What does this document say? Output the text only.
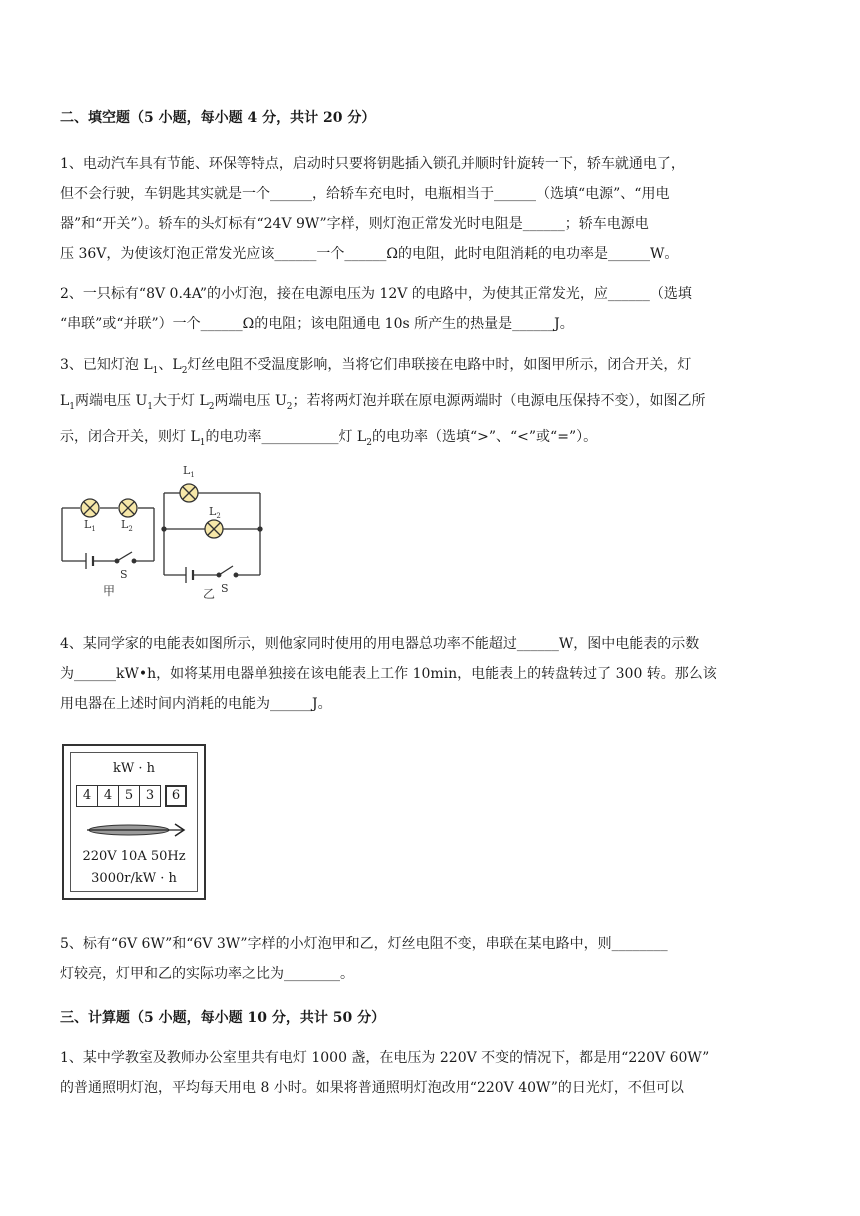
二、填空题（5 小题，每小题 4 分，共计 20 分）
1、电动汽车具有节能、环保等特点，启动时只要将钥匙插入锁孔并顺时针旋转一下，轿车就通电了，
但不会行驶，车钥匙其实就是一个______，给轿车充电时，电瓶相当于______（选填“电源”、“用电
器”和“开关”）。轿车的头灯标有“24V 9W”字样，则灯泡正常发光时电阻是______；轿车电源电
压 36V，为使该灯泡正常发光应该______一个______Ω的电阻，此时电阻消耗的电功率是______W。
2、一只标有“8V 0.4A”的小灯泡，接在电源电压为 12V 的电路中，为使其正常发光，应______（选填
“串联”或“并联”）一个______Ω的电阻；该电阻通电 10s 所产生的热量是______J。
3、已知灯泡 $L_1$、$L_2$灯丝电阻不受温度影响，当将它们串联接在电路中时，如图甲所示，闭合开关，灯
$L_1$两端电压 $U_1$大于灯 $L_2$两端电压 $U_2$；若将两灯泡并联在原电源两端时（电源电压保持不变），如图乙所
示，闭合开关，则灯 $L_1$的电功率___________灯 $L_2$的电功率（选填“>”、“<”或“=”）。
$L_1$ $L_2$
S
甲
$L_1$
$L_2$
S
乙
4、某同学家的电能表如图所示，则他家同时使用的用电器总功率不能超过______W，图中电能表的示数
为______kW•h，如将某用电器单独接在该电能表上工作 10min，电能表上的转盘转过了 300 转。那么该
用电器在上述时间内消耗的电能为______J。
kW · h
4 4 5 3	6
220V 10A 50Hz
3000r/kW · h
5、标有“6V 6W”和“6V 3W”字样的小灯泡甲和乙，灯丝电阻不变，串联在某电路中，则________
灯较亮，灯甲和乙的实际功率之比为________。
三、计算题（5 小题，每小题 10 分，共计 50 分）
1、某中学教室及教师办公室里共有电灯 1000 盏，在电压为 220V 不变的情况下，都是用“220V 60W”
的普通照明灯泡，平均每天用电 8 小时。如果将普通照明灯泡改用“220V 40W”的日光灯，不但可以
